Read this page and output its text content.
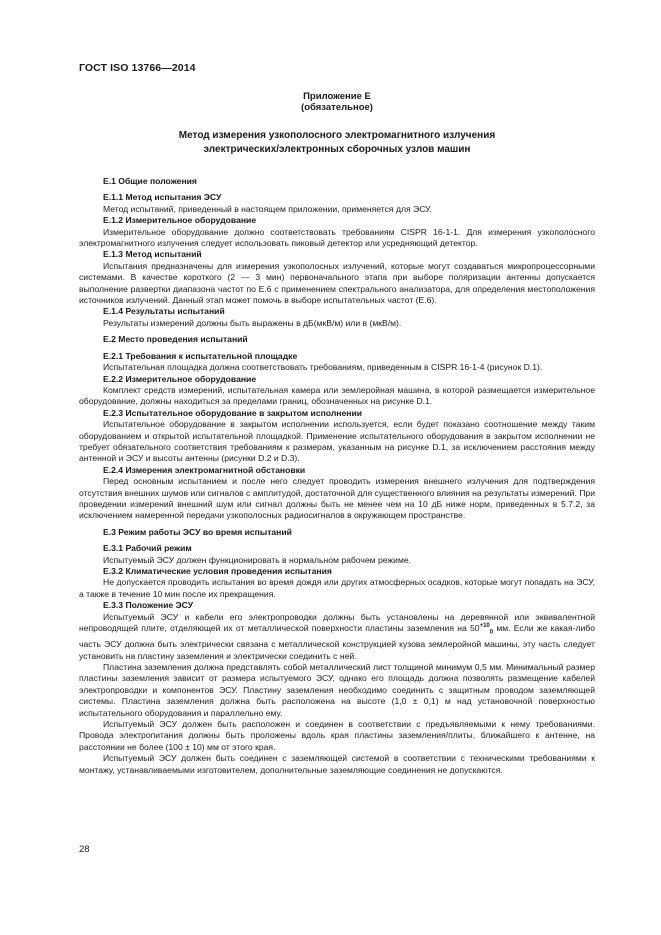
ГОСТ ISO 13766—2014
Приложение Е
(обязательное)
Метод измерения узкополосного электромагнитного излучения
электрических/электронных сборочных узлов машин

Е.1 Общие положения

Е.1.1 Метод испытания ЭСУ

Метод испытаний, приведенный в настоящем приложении, применяется для ЭСУ.

Е.1.2 Измерительное оборудование

Измерительное оборудование должно соответствовать требованиям CISPR 16-1-1. Для измерения узкополосного электромагнитного излучения следует использовать пиковый детектор или усредняющий детектор.

Е.1.3 Метод испытаний

Испытания предназначены для измерения узкополосных излучений, которые могут создаваться микропроцессорными системами. В качестве короткого (2 — 3 мин) первоначального этапа при выборе поляризации антенны допускается выполнение развертки диапазона частот по Е.6 с применением спектрального анализатора, для определения местоположения источников излучений. Данный этап может помочь в выборе испытательных частот (Е.6).

Е.1.4 Результаты испытаний

Результаты измерений должны быть выражены в дБ(мкВ/м) или в (мкВ/м).

Е.2 Место проведения испытаний

Е.2.1 Требования к испытательной площадке

Испытательная площадка должна соответствовать требованиям, приведенным в CISPR 16-1-4 (рисунок D.1).

Е.2.2 Измерительное оборудование

Комплект средств измерений, испытательная камера или землеройная машина, в которой размещается измерительное оборудование, должны находиться за пределами границ, обозначенных на рисунке D.1.

Е.2.3 Испытательное оборудование в закрытом исполнении

Испытательное оборудование в закрытом исполнении используется, если будет показано соотношение между таким оборудованием и открытой испытательной площадкой. Применение испытательного оборудования в закрытом исполнении не требует обязательного соответствия требованиям к размерам, указанным на рисунке D.1, за исключением расстояния между антенной и ЭСУ и высоты антенны (рисунки D.2 и D.3).

Е.2.4 Измерения электромагнитной обстановки

Перед основным испытанием и после него следует проводить измерения внешнего излучения для подтверждения отсутствия внешних шумов или сигналов с амплитудой, достаточной для существенного влияния на результаты измерений. При проведении измерений внешний шум или сигнал должны быть не менее чем на 10 дБ ниже норм, приведенных в 5.7.2, за исключением намеренной передачи узкополосных радиосигналов в окружающем пространстве.

Е.3 Режим работы ЭСУ во время испытаний

Е.3.1 Рабочий режим

Испытуемый ЭСУ должен функционировать в нормальном рабочем режиме.

Е.3.2 Климатические условия проведения испытания

Не допускается проводить испытания во время дождя или других атмосферных осадков, которые могут попадать на ЭСУ, а также в течение 10 мин после их прекращения.

Е.3.3 Положение ЭСУ

Испытуемый ЭСУ и кабели его электропроводки должны быть установлены на деревянной или эквивалентной непроводящей плите, отделяющей их от металлической поверхности пластины заземления на $50^{+10}_0$ мм. Если же какая-либо часть ЭСУ должна быть электрически связана с металлической конструкцией кузова землеройной машины, эту часть следует установить на пластину заземления и электрически соединить с ней.

Пластина заземления должна представлять собой металлический лист толщиной минимум 0,5 мм. Минимальный размер пластины заземления зависит от размера испытуемого ЭСУ, однако его площадь должна позволять размещение кабелей электропроводки и компонентов ЭСУ. Пластину заземления необходимо соединить с защитным проводом заземляющей системы. Пластина заземления должна быть расположена на высоте (1,0 ± 0,1) м над установочной поверхностью испытательного оборудования и параллельно ему.

Испытуемый ЭСУ должен быть расположен и соединен в соответствии с предъявляемыми к нему требованиями. Провода электропитания должны быть проложены вдоль края пластины заземления/плиты, ближайшего к антенне, на расстоянии не более (100 ± 10) мм от этого края.

Испытуемый ЭСУ должен быть соединен с заземляющей системой в соответствии с техническими требованиями к монтажу, устанавливаемыми изготовителем, дополнительные заземляющие соединения не допускаются.

28
